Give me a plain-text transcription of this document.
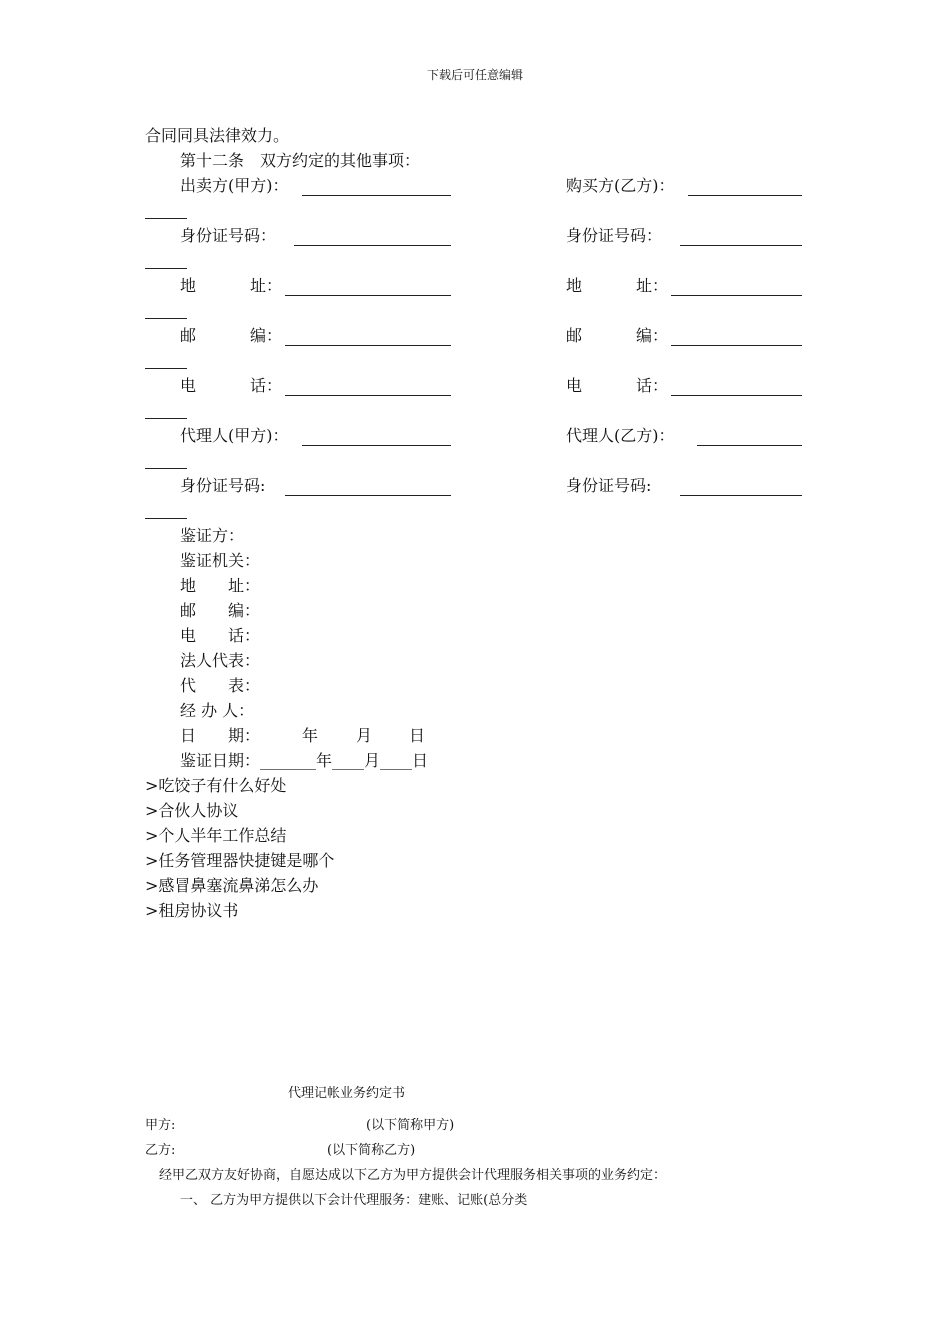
下载后可任意编辑
合同同具法律效力。
第十二条　双方约定的其他事项：
出卖方(甲方)：	购买方(乙方)：
身份证号码：	身份证号码：
地	址：	地	址：
邮	编：	邮	编：
电	话：	电	话：
代理人(甲方)：	代理人(乙方)：
身份证号码:	身份证号码:
鉴证方：
鉴证机关：
地　　址：
邮　　编：
电　　话：
法人代表：
代　　表：
经 办 人：
日　　期：	年 月 日
鉴证日期：_______年____月____日
>吃饺子有什么好处
>合伙人协议
>个人半年工作总结
>任务管理器快捷键是哪个
>感冒鼻塞流鼻涕怎么办
>租房协议书
代理记帐业务约定书
甲方:	(以下简称甲方)
乙方:	(以下简称乙方)
经甲乙双方友好协商，自愿达成以下乙方为甲方提供会计代理服务相关事项的业务约定：
一、 乙方为甲方提供以下会计代理服务：建账、记账(总分类
